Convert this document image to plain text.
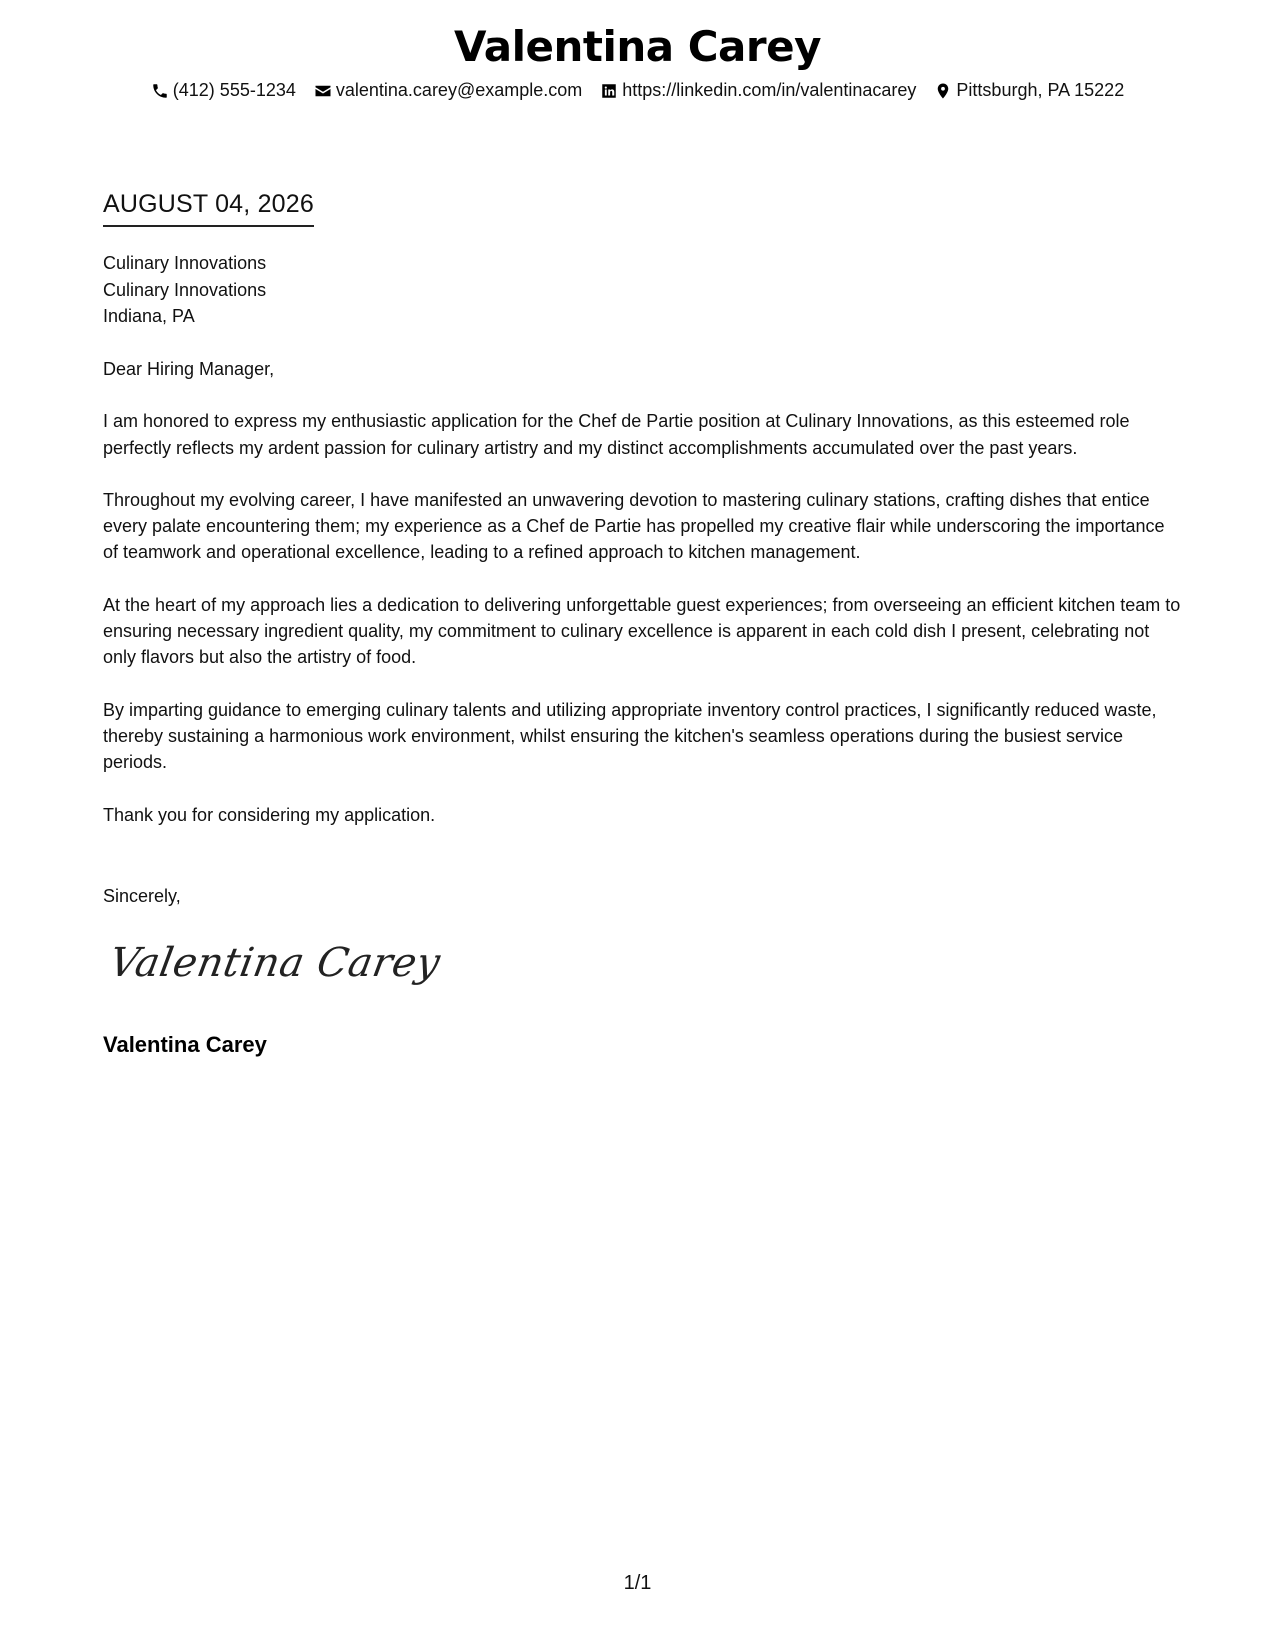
Valentina Carey
(412) 555-1234 valentina.carey@example.com https://linkedin.com/in/valentinacarey Pittsburgh, PA 15222
AUGUST 04, 2026
Culinary Innovations
Culinary Innovations
Indiana, PA

Dear Hiring Manager,

I am honored to express my enthusiastic application for the Chef de Partie position at Culinary Innovations, as this esteemed role perfectly reflects my ardent passion for culinary artistry and my distinct accomplishments accumulated over the past years.

Throughout my evolving career, I have manifested an unwavering devotion to mastering culinary stations, crafting dishes that entice every palate encountering them; my experience as a Chef de Partie has propelled my creative flair while underscoring the importance of teamwork and operational excellence, leading to a refined approach to kitchen management.

At the heart of my approach lies a dedication to delivering unforgettable guest experiences; from overseeing an efficient kitchen team to ensuring necessary ingredient quality, my commitment to culinary excellence is apparent in each cold dish I present, celebrating not only flavors but also the artistry of food.

By imparting guidance to emerging culinary talents and utilizing appropriate inventory control practices, I significantly reduced waste, thereby sustaining a harmonious work environment, whilst ensuring the kitchen's seamless operations during the busiest service periods.

Thank you for considering my application.

Sincerely,
Valentina Carey
Valentina Carey
1/1
